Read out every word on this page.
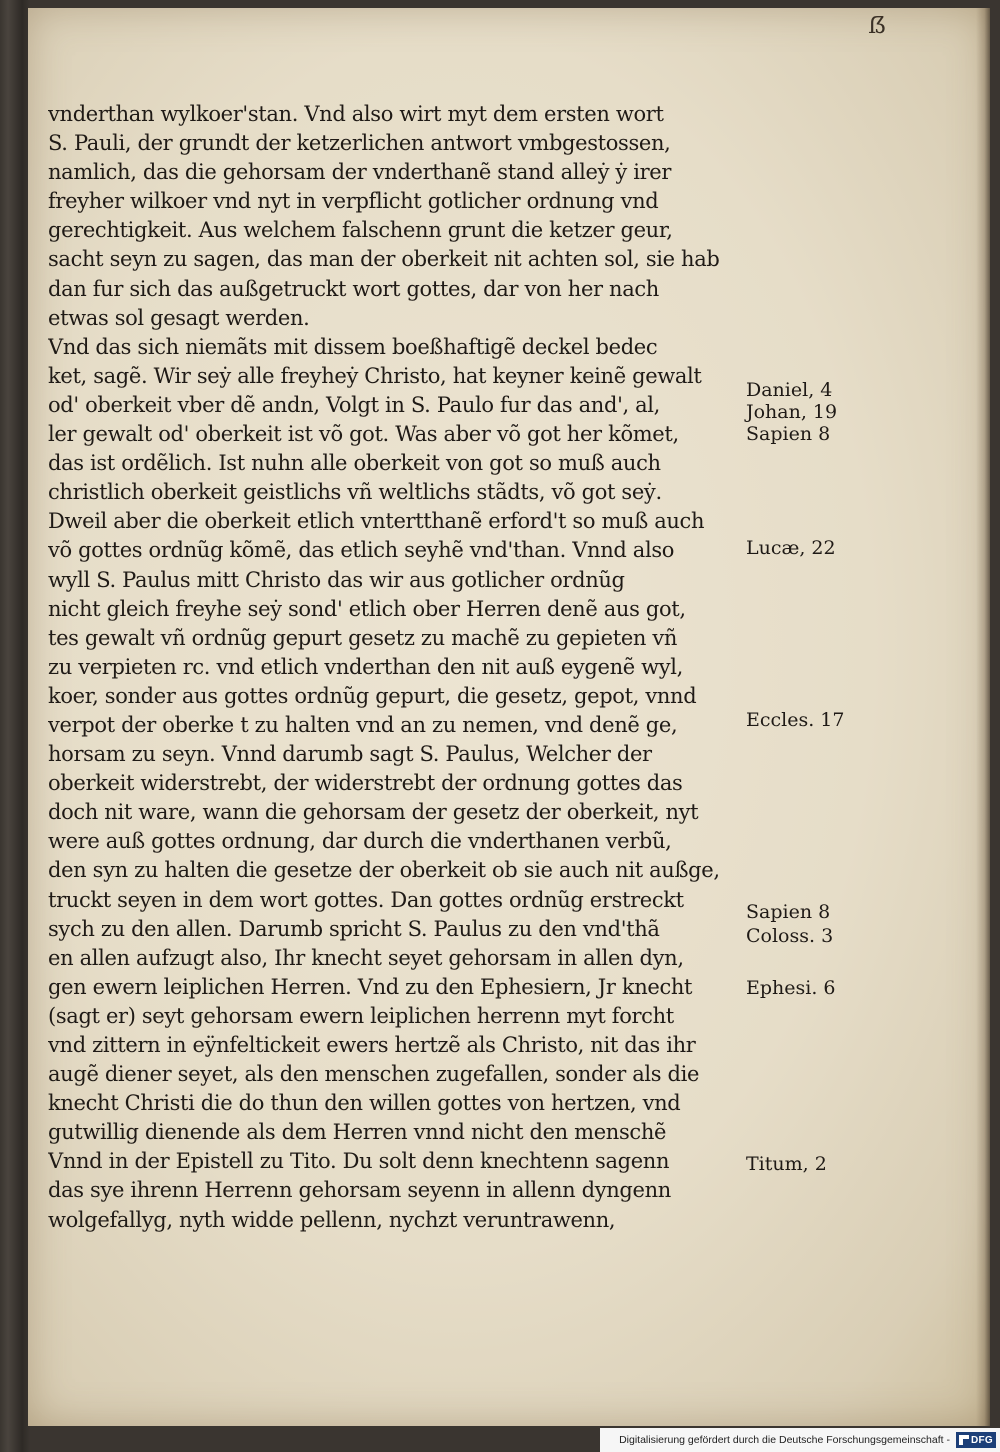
ẞ
vnderthan wylkoer'stan. Vnd also wirt myt dem ersten wort
S. Pauli, der grundt der ketzerlichen antwort vmbgestossen,
namlich, das die gehorsam der vnderthanẽ stand alleẏ ẏ irer
freyher wilkoer vnd nyt in verpflicht gotlicher ordnung vnd
gerechtigkeit. Aus welchem falschenn grunt die ketzer geur,
sacht seyn zu sagen, das man der oberkeit nit achten sol, sie hab
dan fur sich das außgetruckt wort gottes, dar von her nach
etwas sol gesagt werden.
Vnd das sich niemãts mit dissem boeßhaftigẽ deckel bedec
ket, sagẽ. Wir seẏ alle freyheẏ Christo, hat keyner keinẽ gewalt
od' oberkeit vber dẽ andn, Volgt in S. Paulo fur das and', al,
ler gewalt od' oberkeit ist võ got. Was aber võ got her kõmet,
das ist ordẽlich. Ist nuhn alle oberkeit von got so muß auch
christlich oberkeit geistlichs vñ weltlichs stãdts, võ got seẏ.
Dweil aber die oberkeit etlich vntertthanẽ erford't so muß auch
võ gottes ordnũg kõmẽ, das etlich seyhẽ vnd'than. Vnnd also
wyll S. Paulus mitt Christo das wir aus gotlicher ordnũg
nicht gleich freyhe seẏ sond' etlich ober Herren denẽ aus got,
tes gewalt vñ ordnũg gepurt gesetz zu machẽ zu gepieten vñ
zu verpieten rc. vnd etlich vnderthan den nit auß eygenẽ wyl,
koer, sonder aus gottes ordnũg gepurt, die gesetz, gepot, vnnd
verpot der oberke t zu halten vnd an zu nemen, vnd denẽ ge,
horsam zu seyn. Vnnd darumb sagt S. Paulus, Welcher der
oberkeit widerstrebt, der widerstrebt der ordnung gottes das
doch nit ware, wann die gehorsam der gesetz der oberkeit, nyt
were auß gottes ordnung, dar durch die vnderthanen verbũ,
den syn zu halten die gesetze der oberkeit ob sie auch nit außge,
truckt seyen in dem wort gottes. Dan gottes ordnũg erstreckt
sych zu den allen. Darumb spricht S. Paulus zu den vnd'thã
en allen aufzugt also, Ihr knecht seyet gehorsam in allen dyn,
gen ewern leiplichen Herren. Vnd zu den Ephesiern, Jr knecht
(sagt er) seyt gehorsam ewern leiplichen herrenn myt forcht
vnd zittern in eÿnfeltickeit ewers hertzẽ als Christo, nit das ihr
augẽ diener seyet, als den menschen zugefallen, sonder als die
knecht Christi die do thun den willen gottes von hertzen, vnd
gutwillig dienende als dem Herren vnnd nicht den menschẽ
Vnnd in der Epistell zu Tito. Du solt denn knechtenn sagenn
das sye ihrenn Herrenn gehorsam seyenn in allenn dyngenn
wolgefallyg, nyth widde pellenn, nychzt veruntrawenn,
Daniel, 4
Johan, 19
Sapien 8
Lucæ, 22
Eccles. 17
Sapien 8
Coloss. 3
Ephesi. 6
Titum, 2
Digitalisierung gefördert durch die Deutsche Forschungsgemeinschaft - DFG
